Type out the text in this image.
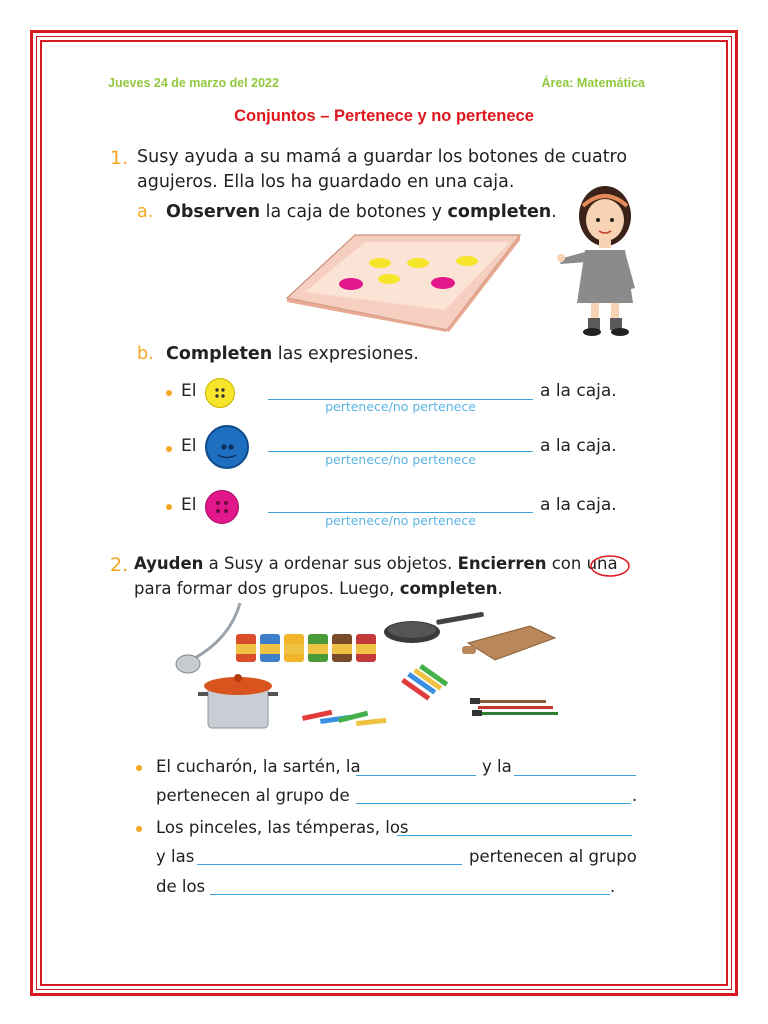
Jueves 24 de marzo del 2022	Área: Matemática
Conjuntos – Pertenece y no pertenece
1. Susy ayuda a su mamá a guardar los botones de cuatro
agujeros. Ella los ha guardado en una caja.
a. Observen la caja de botones y completen.
b. Completen las expresiones.
El
pertenece/no pertenece
a la caja.
El
pertenece/no pertenece
a la caja.
El
pertenece/no pertenece
a la caja.
2. Ayuden a Susy a ordenar sus objetos. Encierren con una
para formar dos grupos. Luego, completen.
El cucharón, la sartén, la	y la
pertenecen al grupo de	.
Los pinceles, las témperas, los
y las	pertenecen al grupo
de los	.
